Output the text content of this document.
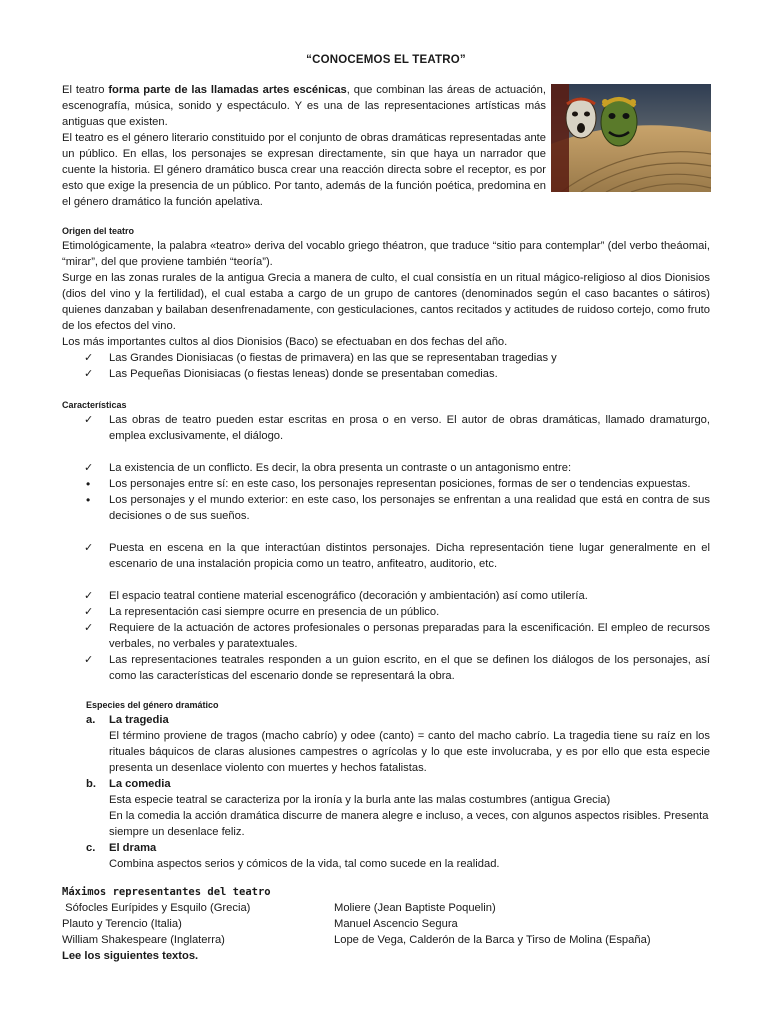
“CONOCEMOS EL TEATRO”

El teatro forma parte de las llamadas artes escénicas, que combinan las áreas de actuación, escenografía, música, sonido y espectáculo. Y es una de las representaciones artísticas más antiguas que existen.

El teatro es el género literario constituido por el conjunto de obras dramáticas representadas ante un público. En ellas, los personajes se expresan directamente, sin que haya un narrador que cuente la historia. El género dramático busca crear una reacción directa sobre el receptor, es por esto que exige la presencia de un público. Por tanto, además de la función poética, predomina en el género dramático la función apelativa.

Origen del teatro

Etimológicamente, la palabra «teatro» deriva del vocablo griego théatron, que traduce “sitio para contemplar” (del verbo theáomai, “mirar”, del que proviene también “teoría”).

Surge en las zonas rurales de la antigua Grecia a manera de culto, el cual consistía en un ritual mágico-religioso al dios Dionisios (dios del vino y la fertilidad), el cual estaba a cargo de un grupo de cantores (denominados según el caso bacantes o sátiros) quienes danzaban y bailaban desenfrenadamente, con gesticulaciones, cantos recitados y actitudes de ruidoso cortejo, como fruto de los efectos del vino.

Los más importantes cultos al dios Dionisios (Baco) se efectuaban en dos fechas del año.

✓ Las Grandes Dionisiacas (o fiestas de primavera) en las que se representaban tragedias y
✓ Las Pequeñas Dionisiacas (o fiestas leneas) donde se presentaban comedias.
Características
✓ Las obras de teatro pueden estar escritas en prosa o en verso. El autor de obras dramáticas, llamado dramaturgo, emplea exclusivamente, el diálogo.
✓ La existencia de un conflicto. Es decir, la obra presenta un contraste o un antagonismo entre:
• Los personajes entre sí: en este caso, los personajes representan posiciones, formas de ser o tendencias expuestas.
• Los personajes y el mundo exterior: en este caso, los personajes se enfrentan a una realidad que está en contra de sus decisiones o de sus sueños.
✓ Puesta en escena en la que interactúan distintos personajes. Dicha representación tiene lugar generalmente en el escenario de una instalación propicia como un teatro, anfiteatro, auditorio, etc.
✓ El espacio teatral contiene material escenográfico (decoración y ambientación) así como utilería.
✓ La representación casi siempre ocurre en presencia de un público.
✓ Requiere de la actuación de actores profesionales o personas preparadas para la escenificación. El empleo de recursos verbales, no verbales y paratextuales.
✓ Las representaciones teatrales responden a un guion escrito, en el que se definen los diálogos de los personajes, así como las características del escenario donde se representará la obra.
Especies del género dramático
a. La tragedia
El término proviene de tragos (macho cabrío) y odee (canto) = canto del macho cabrío. La tragedia tiene su raíz en los rituales báquicos de claras alusiones campestres o agrícolas y lo que este involucraba, y es por ello que esta especie presenta un desenlace violento con muertes y hechos fatalistas.
b. La comedia
Esta especie teatral se caracteriza por la ironía y la burla ante las malas costumbres (antigua Grecia)
En la comedia la acción dramática discurre de manera alegre e incluso, a veces, con algunos aspectos risibles. Presenta siempre un desenlace feliz.
c. El drama
Combina aspectos serios y cómicos de la vida, tal como sucede en la realidad.
Máximos representantes del teatro
Sófocles Eurípides y Esquilo (Grecia)	Moliere (Jean Baptiste Poquelin)
Plauto y Terencio (Italia)	Manuel Ascencio Segura
William Shakespeare (Inglaterra)	Lope de Vega, Calderón de la Barca y Tirso de Molina (España)
Lee los siguientes textos.
